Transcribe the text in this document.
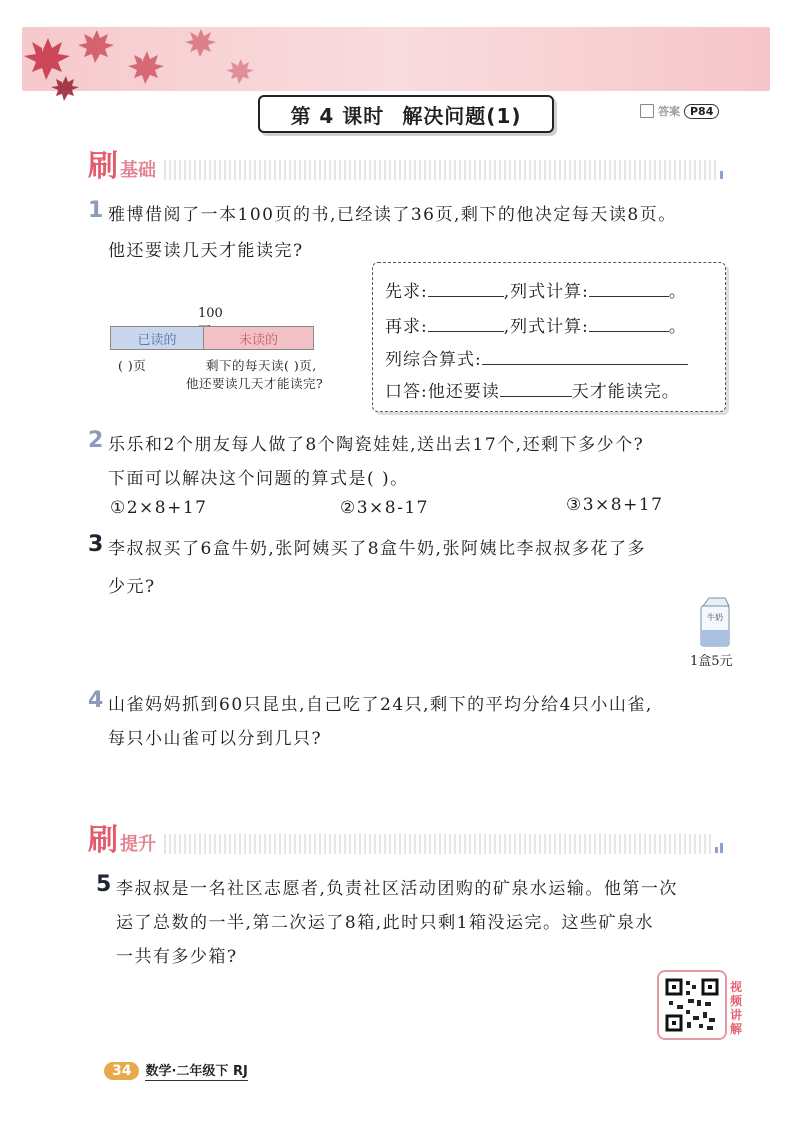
第 4 课时 解决问题(1)	答案 P84
刷 基础
1 雅博借阅了一本100页的书,已经读了36页,剩下的他决定每天读8页。
他还要读几天才能读完?
100
已读的	未读的
( )页	剩下的每天读( )页,
他还要读几天才能读完?
先求:	,列式计算:	。
再求:	,列式计算:	。
列综合算式:
口答:他还要读	天才能读完。
2 乐乐和2个朋友每人做了8个陶瓷娃娃,送出去17个,还剩下多少个?
下面可以解决这个问题的算式是( )。
①2×8+17	②3×8-17	③3×8+17
3 李叔叔买了6盒牛奶,张阿姨买了8盒牛奶,张阿姨比李叔叔多花了多
少元?
牛奶
1盒5元
4 山雀妈妈抓到60只昆虫,自己吃了24只,剩下的平均分给4只小山雀,
每只小山雀可以分到几只?
刷 提升
5 李叔叔是一名社区志愿者,负责社区活动团购的矿泉水运输。他第一次
运了总数的一半,第二次运了8箱,此时只剩1箱没运完。这些矿泉水
一共有多少箱?
视频讲解
34	数学·二年级下 RJ
